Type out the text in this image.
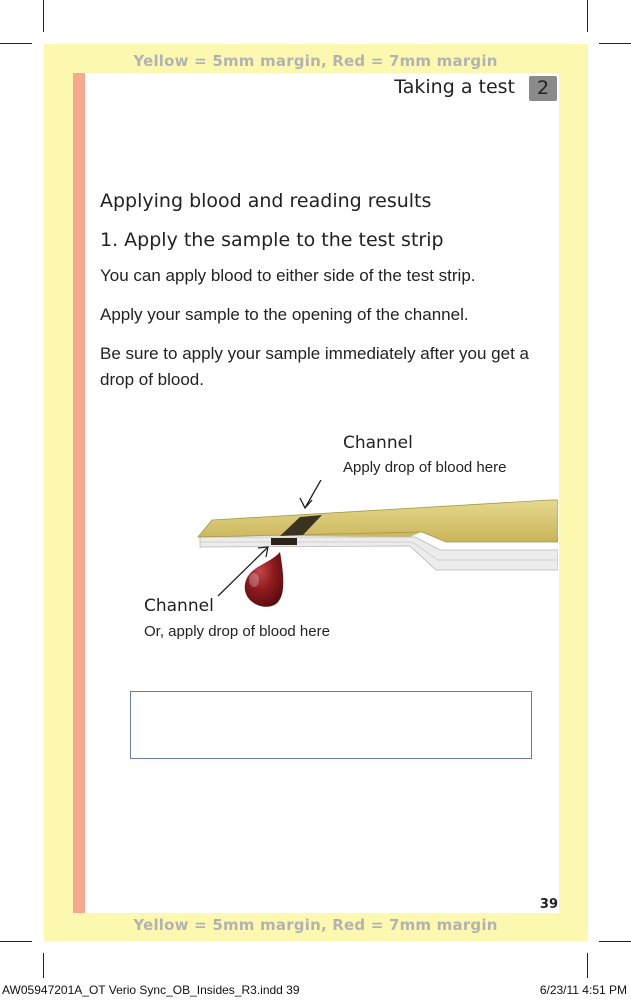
Yellow = 5mm margin, Red = 7mm margin
Yellow = 5mm margin, Red = 7mm margin
Taking a test	2
Applying blood and reading results
1. Apply the sample to the test strip

You can apply blood to either side of the test strip.

Apply your sample to the opening of the channel.

Be sure to apply your sample immediately after you get a drop of blood.

Channel
Apply drop of blood here
Channel
Or, apply drop of blood here
39
AW05947201A_OT Verio Sync_OB_Insides_R3.indd 39	6/23/11 4:51 PM
